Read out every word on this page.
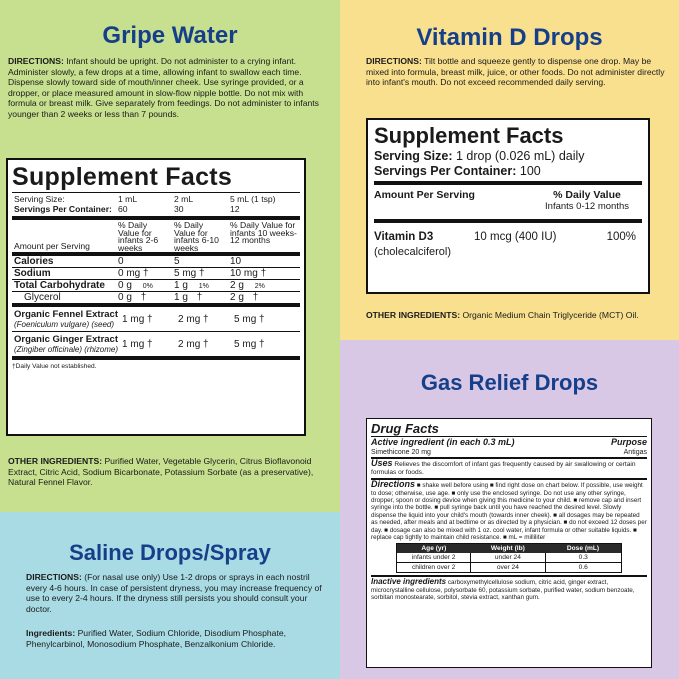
Gripe Water

DIRECTIONS: Infant should be upright. Do not administer to a crying infant. Administer slowly, a few drops at a time, allowing infant to swallow each time. Dispense slowly toward side of mouth/inner cheek. Use syringe provided, or a dropper, or place measured amount in slow-flow nipple bottle. Do not mix with formula or breast milk. Give separately from feedings. Do not administer to infants younger than 2 weeks or less than 7 pounds.

Supplement Facts
Serving Size:	1 mL	2 mL	5 mL (1 tsp)
Servings Per Container:	60	30	12
Amount per Serving	% Daily Value for infants 2-6 weeks	% Daily Value for infants 6-10 weeks	% Daily Value for infants 10 weeks-12 months
Calories	0	5	10
Sodium	0 mg †	5 mg †	10 mg †
Total Carbohydrate	0 g 0%	1 g 1%	2 g 2%
Glycerol	0 g †	1 g †	2 g †
Organic Fennel Extract
(Foeniculum vulgare) (seed)	1 mg †	2 mg †	5 mg †

Organic Ginger Extract
(Zingiber officinale) (rhizome)	1 mg †	2 mg †	5 mg †
†Daily Value not established.

OTHER INGREDIENTS: Purified Water, Vegetable Glycerin, Citrus Bioflavonoid Extract, Citric Acid, Sodium Bicarbonate, Potassium Sorbate (as a preservative), Natural Fennel Flavor.

Vitamin D Drops

DIRECTIONS: Tilt bottle and squeeze gently to dispense one drop. May be mixed into formula, breast milk, juice, or other foods. Do not administer directly into infant's mouth. Do not exceed recommended daily serving.

Supplement Facts
Serving Size: 1 drop (0.026 mL) daily
Servings Per Container: 100
Amount Per Serving	% Daily Value
Infants 0-12 months
Vitamin D3
(cholecalciferol)
10 mcg (400 IU)	100%

OTHER INGREDIENTS: Organic Medium Chain Triglyceride (MCT) Oil.

Saline Drops/Spray

DIRECTIONS: (For nasal use only) Use 1-2 drops or sprays in each nostril every 4-6 hours. In case of persistent dryness, you may increase frequency of use to every 2-4 hours. If the dryness still persists you should consult your doctor.

Ingredients: Purified Water, Sodium Chloride, Disodium Phosphate, Phenylcarbinol, Monosodium Phosphate, Benzalkonium Chloride.

Gas Relief Drops
Drug Facts
Active ingredient (in each 0.3 mL)	Purpose
Simethicone 20 mg	Antigas
Uses Relieves the discomfort of infant gas frequently caused by air swallowing or certain formulas or foods.
Directions ■ shake well before using ■ find right dose on chart below. If possible, use weight to dose; otherwise, use age. ■ only use the enclosed syringe. Do not use any other syringe, dropper, spoon or dosing device when giving this medicine to your child. ■ remove cap and insert syringe into the bottle. ■ pull syringe back until you have reached the desired level. Slowly dispense the liquid into your child's mouth (towards inner cheek). ■ all dosages may be repeated as needed, after meals and at bedtime or as directed by a physician. ■ do not exceed 12 doses per day. ■ dosage can also be mixed with 1 oz. cool water, infant formula or other suitable liquids. ■ replace cap tightly to maintain child resistance. ■ mL = milliliter
Age (yr)	Weight (lb)	Dose (mL)
infants under 2	under 24	0.3
children over 2	over 24	0.6
Inactive ingredients carboxymethylcellulose sodium, citric acid, ginger extract, microcrystalline cellulose, polysorbate 60, potassium sorbate, purified water, sodium benzoate, sorbitan monostearate, sorbitol, stevia extract, xanthan gum.
